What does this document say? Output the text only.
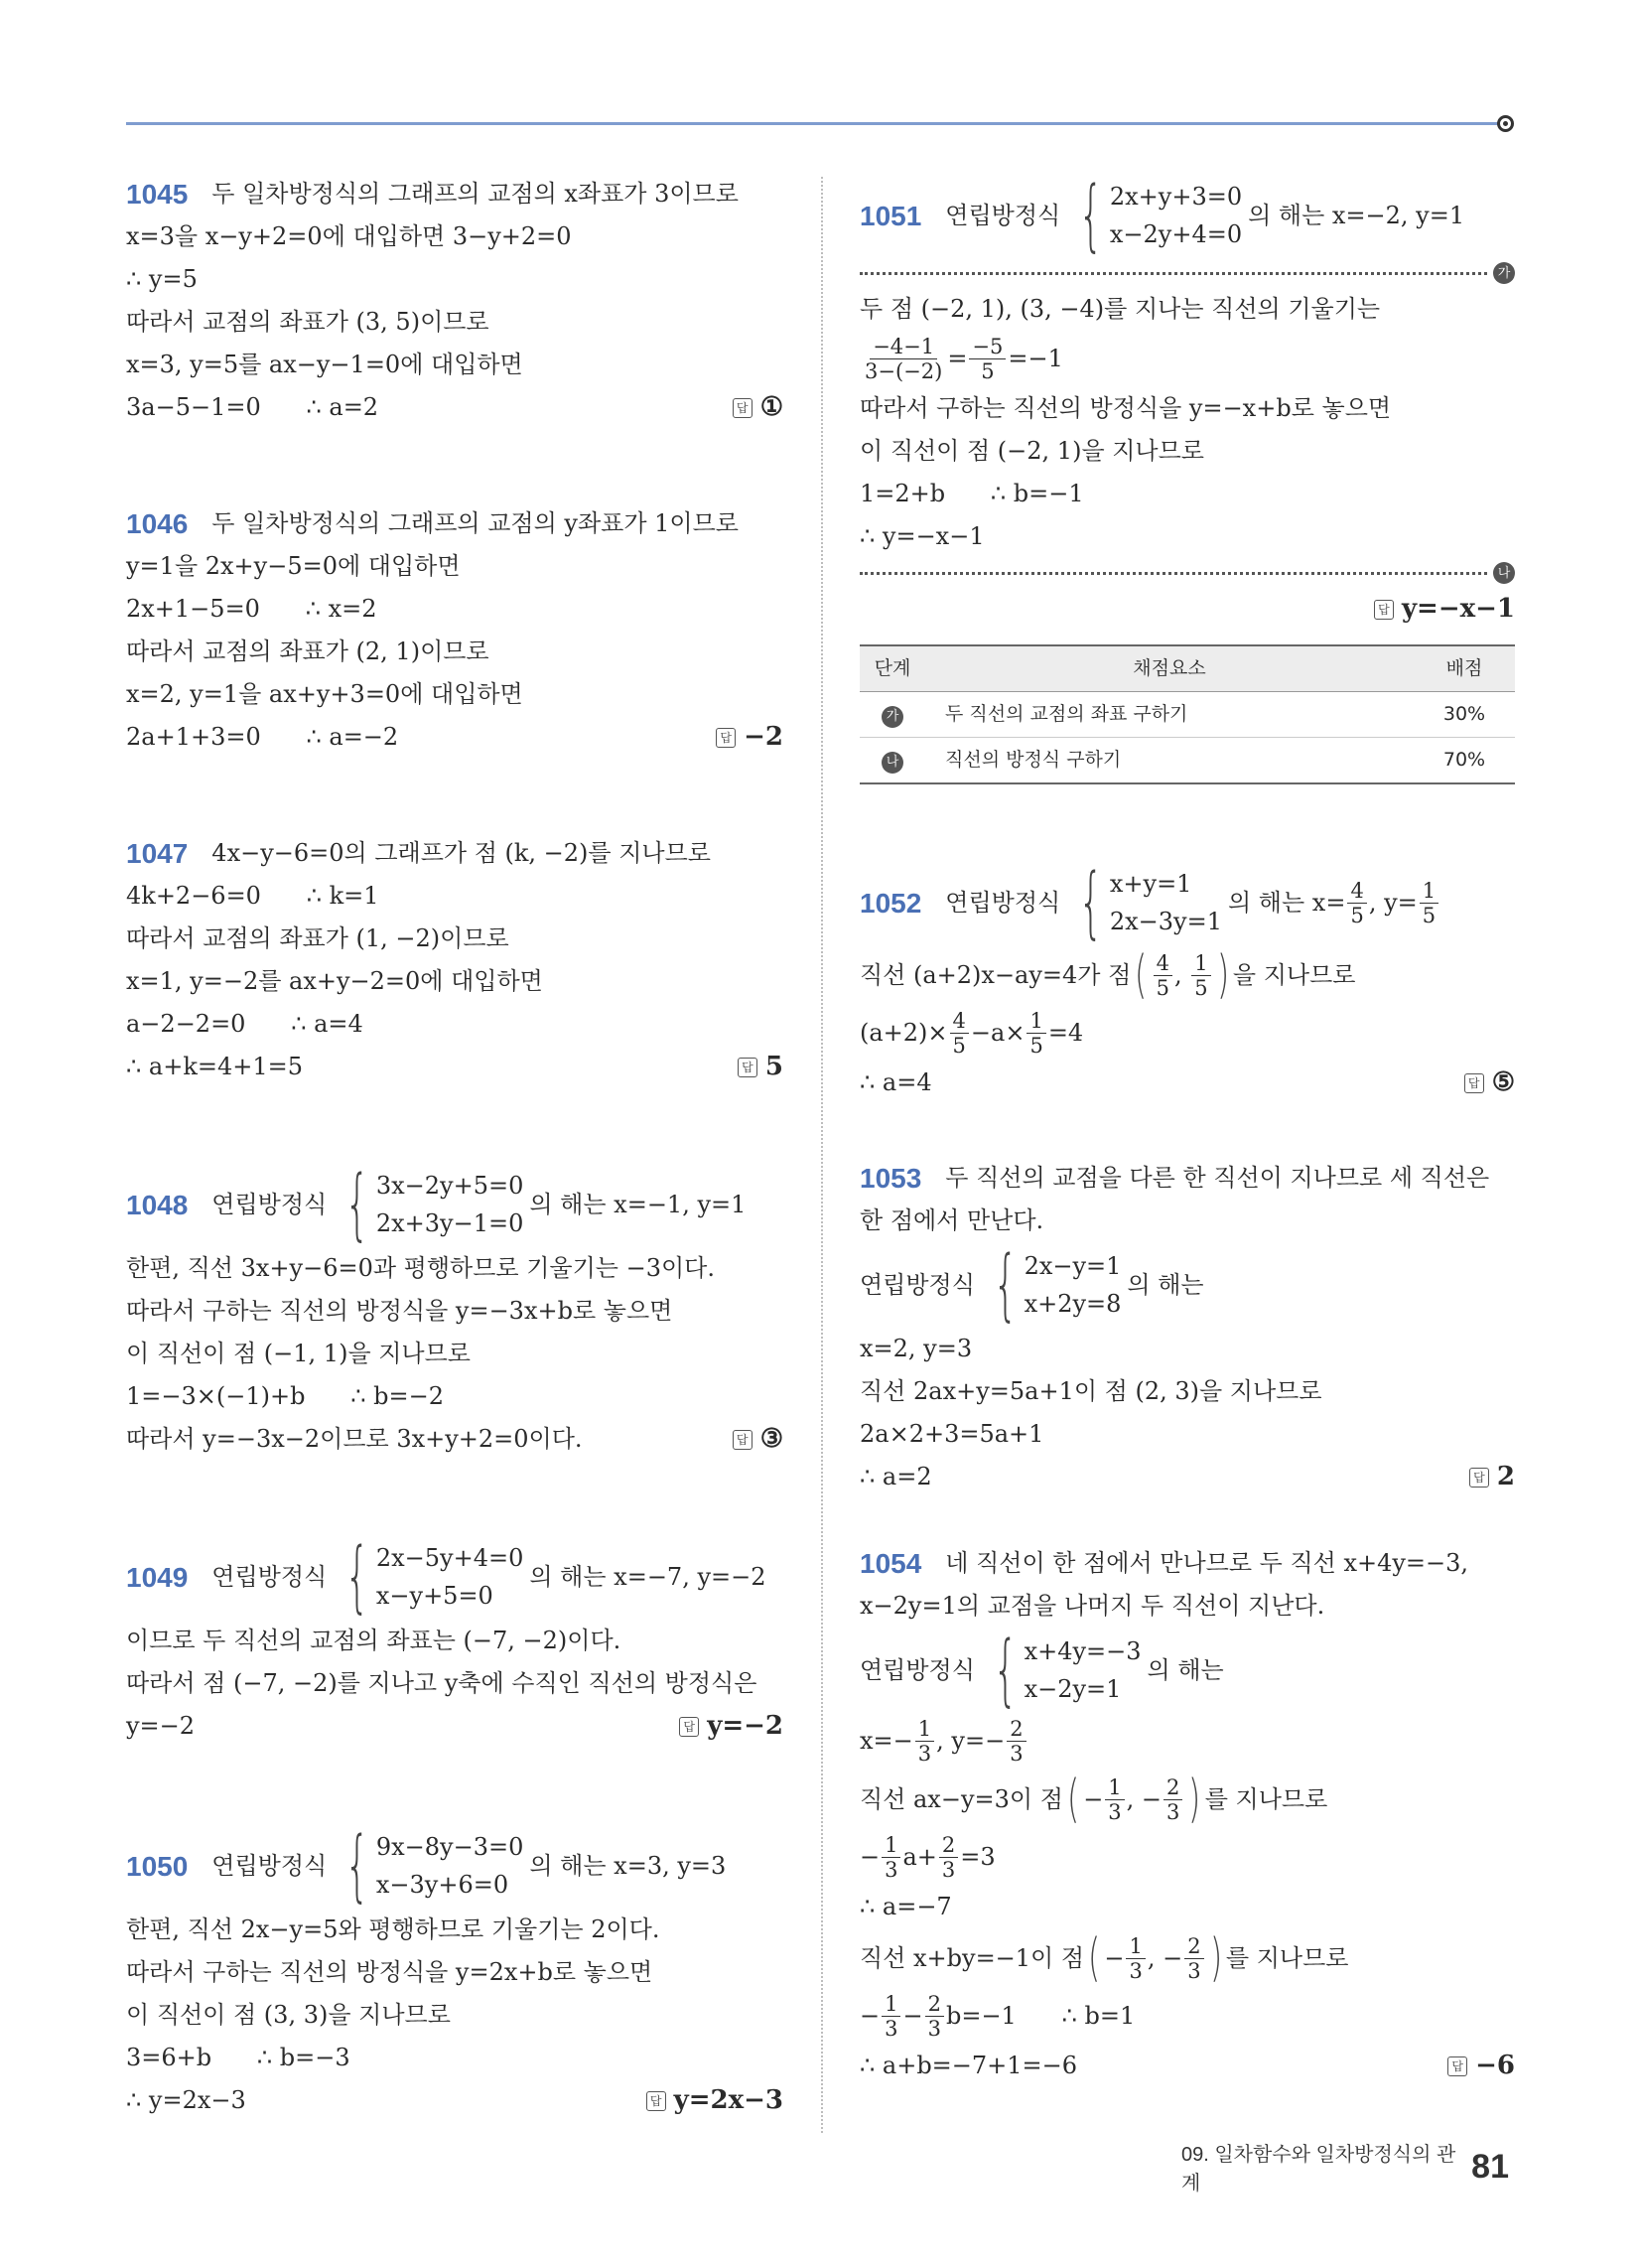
1045 두 일차방정식의 그래프의 교점의 x좌표가 3이므로
x=3을 x−y+2=0에 대입하면 3−y+2=0
∴ y=5
따라서 교점의 좌표가 (3, 5)이므로
x=3, y=5를 ax−y−1=0에 대입하면
3a−5−1=0      ∴ a=2	답 ①
1046 두 일차방정식의 그래프의 교점의 y좌표가 1이므로
y=1을 2x+y−5=0에 대입하면
2x+1−5=0      ∴ x=2
따라서 교점의 좌표가 (2, 1)이므로
x=2, y=1을 ax+y+3=0에 대입하면
2a+1+3=0      ∴ a=−2	답 −2
1047 4x−y−6=0의 그래프가 점 (k, −2)를 지나므로
4k+2−6=0      ∴ k=1
따라서 교점의 좌표가 (1, −2)이므로
x=1, y=−2를 ax+y−2=0에 대입하면
a−2−2=0      ∴ a=4
∴ a+k=4+1=5	답 5
1048 연립방정식 { 3x−2y+5=0
2x+3y−1=0
의 해는 x=−1, y=1
한편, 직선 3x+y−6=0과 평행하므로 기울기는 −3이다.
따라서 구하는 직선의 방정식을 y=−3x+b로 놓으면
이 직선이 점 (−1, 1)을 지나므로
1=−3×(−1)+b      ∴ b=−2
따라서 y=−3x−2이므로 3x+y+2=0이다.	답 ③
1049 연립방정식 { 2x−5y+4=0
x−y+5=0
의 해는 x=−7, y=−2
이므로 두 직선의 교점의 좌표는 (−7, −2)이다.
따라서 점 (−7, −2)를 지나고 y축에 수직인 직선의 방정식은
y=−2	답 y=−2
1050 연립방정식 { 9x−8y−3=0
x−3y+6=0
의 해는 x=3, y=3
한편, 직선 2x−y=5와 평행하므로 기울기는 2이다.
따라서 구하는 직선의 방정식을 y=2x+b로 놓으면
이 직선이 점 (3, 3)을 지나므로
3=6+b      ∴ b=−3
∴ y=2x−3	답 y=2x−3
1051 연립방정식 { 2x+y+3=0
x−2y+4=0
의 해는 x=−2, y=1
가
두 점 (−2, 1), (3, −4)를 지나는 직선의 기울기는
$\frac{-4-1}{3-(-2)} = \frac{-5}{5} =-1$
따라서 구하는 직선의 방정식을 y=−x+b로 놓으면
이 직선이 점 (−2, 1)을 지나므로
1=2+b      ∴ b=−1
∴ y=−x−1
나
답 y=−x−1
단계	채점요소	배점
가	두 직선의 교점의 좌표 구하기	30%
나	직선의 방정식 구하기	70%
1052 연립방정식 { x+y=1
2x−3y=1
의 해는 $x= \frac{4}{5}$ , $y= \frac{1}{5}$
직선 (a+2)x−ay=4가 점 ( $\frac{4}{5}$ , $\frac{1}{5}$ ) 을 지나므로
$(a+2)\times \frac{4}{5} -a\times \frac{1}{5} =4$
∴ a=4	답 ⑤
1053 두 직선의 교점을 다른 한 직선이 지나므로 세 직선은
한 점에서 만난다.
연립방정식 { 2x−y=1
x+2y=8
의 해는
x=2, y=3
직선 2ax+y=5a+1이 점 (2, 3)을 지나므로
2a×2+3=5a+1
∴ a=2	답 2
1054 네 직선이 한 점에서 만나므로 두 직선 x+4y=−3,
x−2y=1의 교점을 나머지 두 직선이 지난다.
연립방정식 { x+4y=−3
x−2y=1
의 해는
$x=- \frac{1}{3}$ , $y=- \frac{2}{3}$
직선 ax−y=3이 점 ( − $\frac{1}{3}$ , − $\frac{2}{3}$ ) 를 지나므로
− $\frac{1}{3} a+ \frac{2}{3} =3$
∴ a=−7
직선 x+by=−1이 점 ( − $\frac{1}{3}$ , − $\frac{2}{3}$ ) 를 지나므로
− $\frac{1}{3} - \frac{2}{3} b=-1$      ∴ b=1
∴ a+b=−7+1=−6	답 −6
09. 일차함수와 일차방정식의 관계	81
